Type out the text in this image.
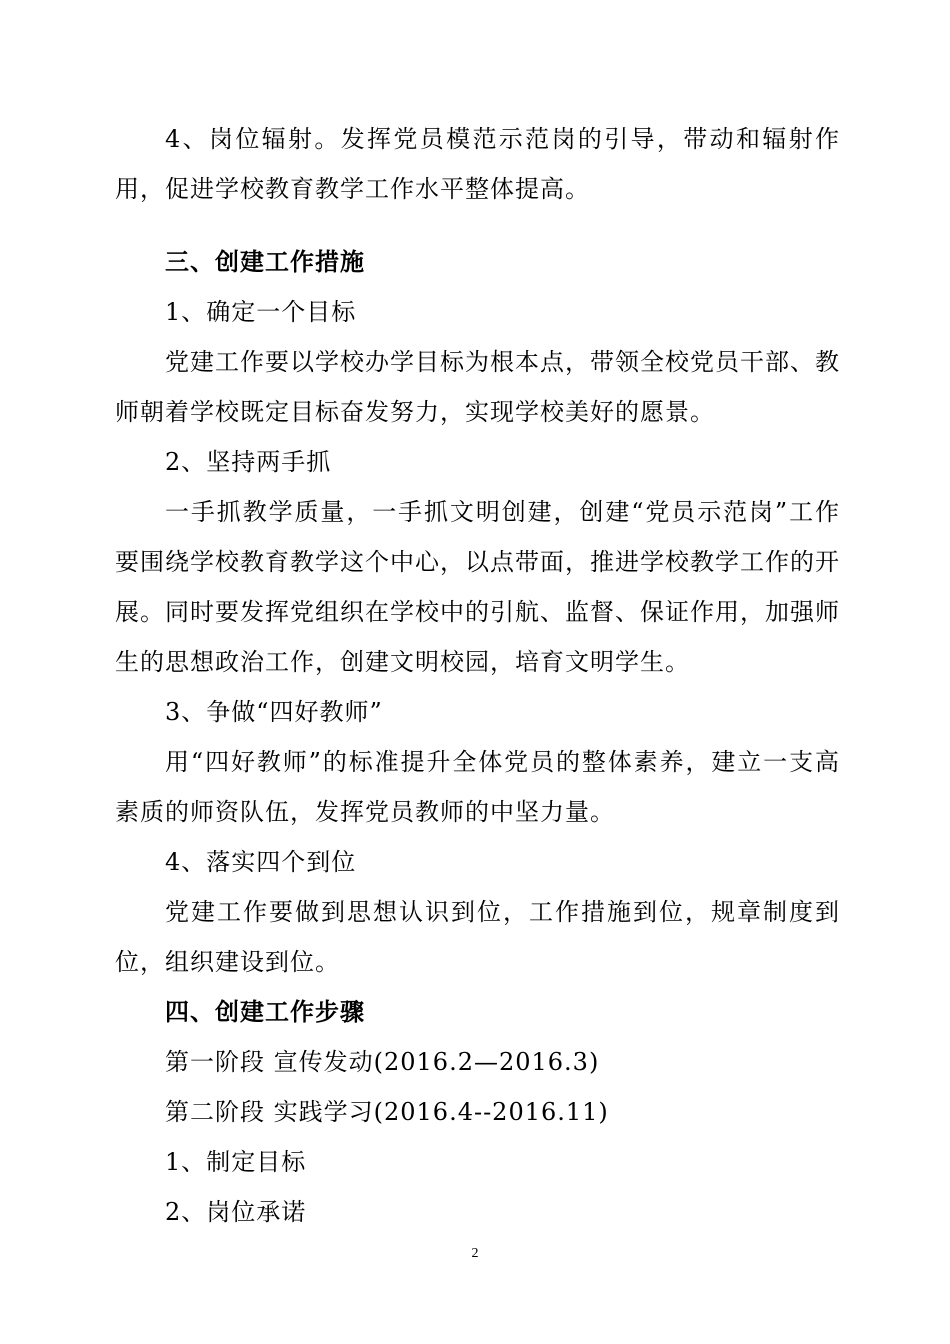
4、岗位辐射。发挥党员模范示范岗的引导，带动和辐射作用，促进学校教育教学工作水平整体提高。

三、创建工作措施

1、确定一个目标

党建工作要以学校办学目标为根本点，带领全校党员干部、教师朝着学校既定目标奋发努力，实现学校美好的愿景。

2、坚持两手抓

一手抓教学质量，一手抓文明创建，创建“党员示范岗”工作要围绕学校教育教学这个中心，以点带面，推进学校教学工作的开展。同时要发挥党组织在学校中的引航、监督、保证作用，加强师生的思想政治工作，创建文明校园，培育文明学生。

3、争做“四好教师”

用“四好教师”的标准提升全体党员的整体素养，建立一支高素质的师资队伍，发挥党员教师的中坚力量。

4、落实四个到位

党建工作要做到思想认识到位，工作措施到位，规章制度到位，组织建设到位。

四、创建工作步骤

第一阶段 宣传发动(2016.2—2016.3)

第二阶段 实践学习(2016.4--2016.11)

1、制定目标

2、岗位承诺

2
